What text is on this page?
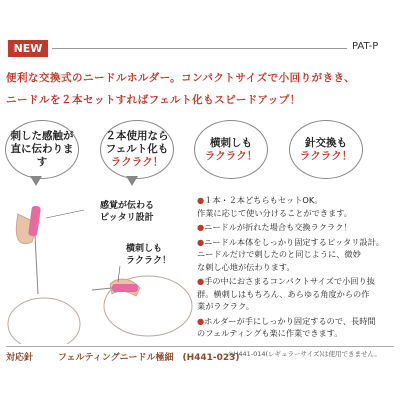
NEW	PAT-P
便利な交換式のニードルホルダー。コンパクトサイズで小回りがきき、
ニードルを２本セットすればフェルト化もスピードアップ！
刺した感触が
直に伝わります
２本使用なら
フェルト化も
ラクラク！
横刺しも
ラクラク！
針交換も
ラクラク！
感覚が伝わる
ピッタリ設計
横刺しも
ラクラク！
●１本・２本どちらもセットOK。
作業に応じて使い分けることができます。
●ニードルが折れた場合も交換ラクラク！
●ニードル本体をしっかり固定するピッタリ設計。
ニードルだけで刺したのと同じように、微妙
な刺し心地が伝わります。
●手の中におさまるコンパクトサイズで小回り抜
群。横刺しはもちろん、あらゆる角度からの作
業がラクラク。
●ホルダーが手にしっかり固定するので、長時間
のフェルティングも楽に作業できます。
対応針	フェルティングニードル極細　(H441-023)
※H441-014(レギュラーサイズ)は使用できません。
